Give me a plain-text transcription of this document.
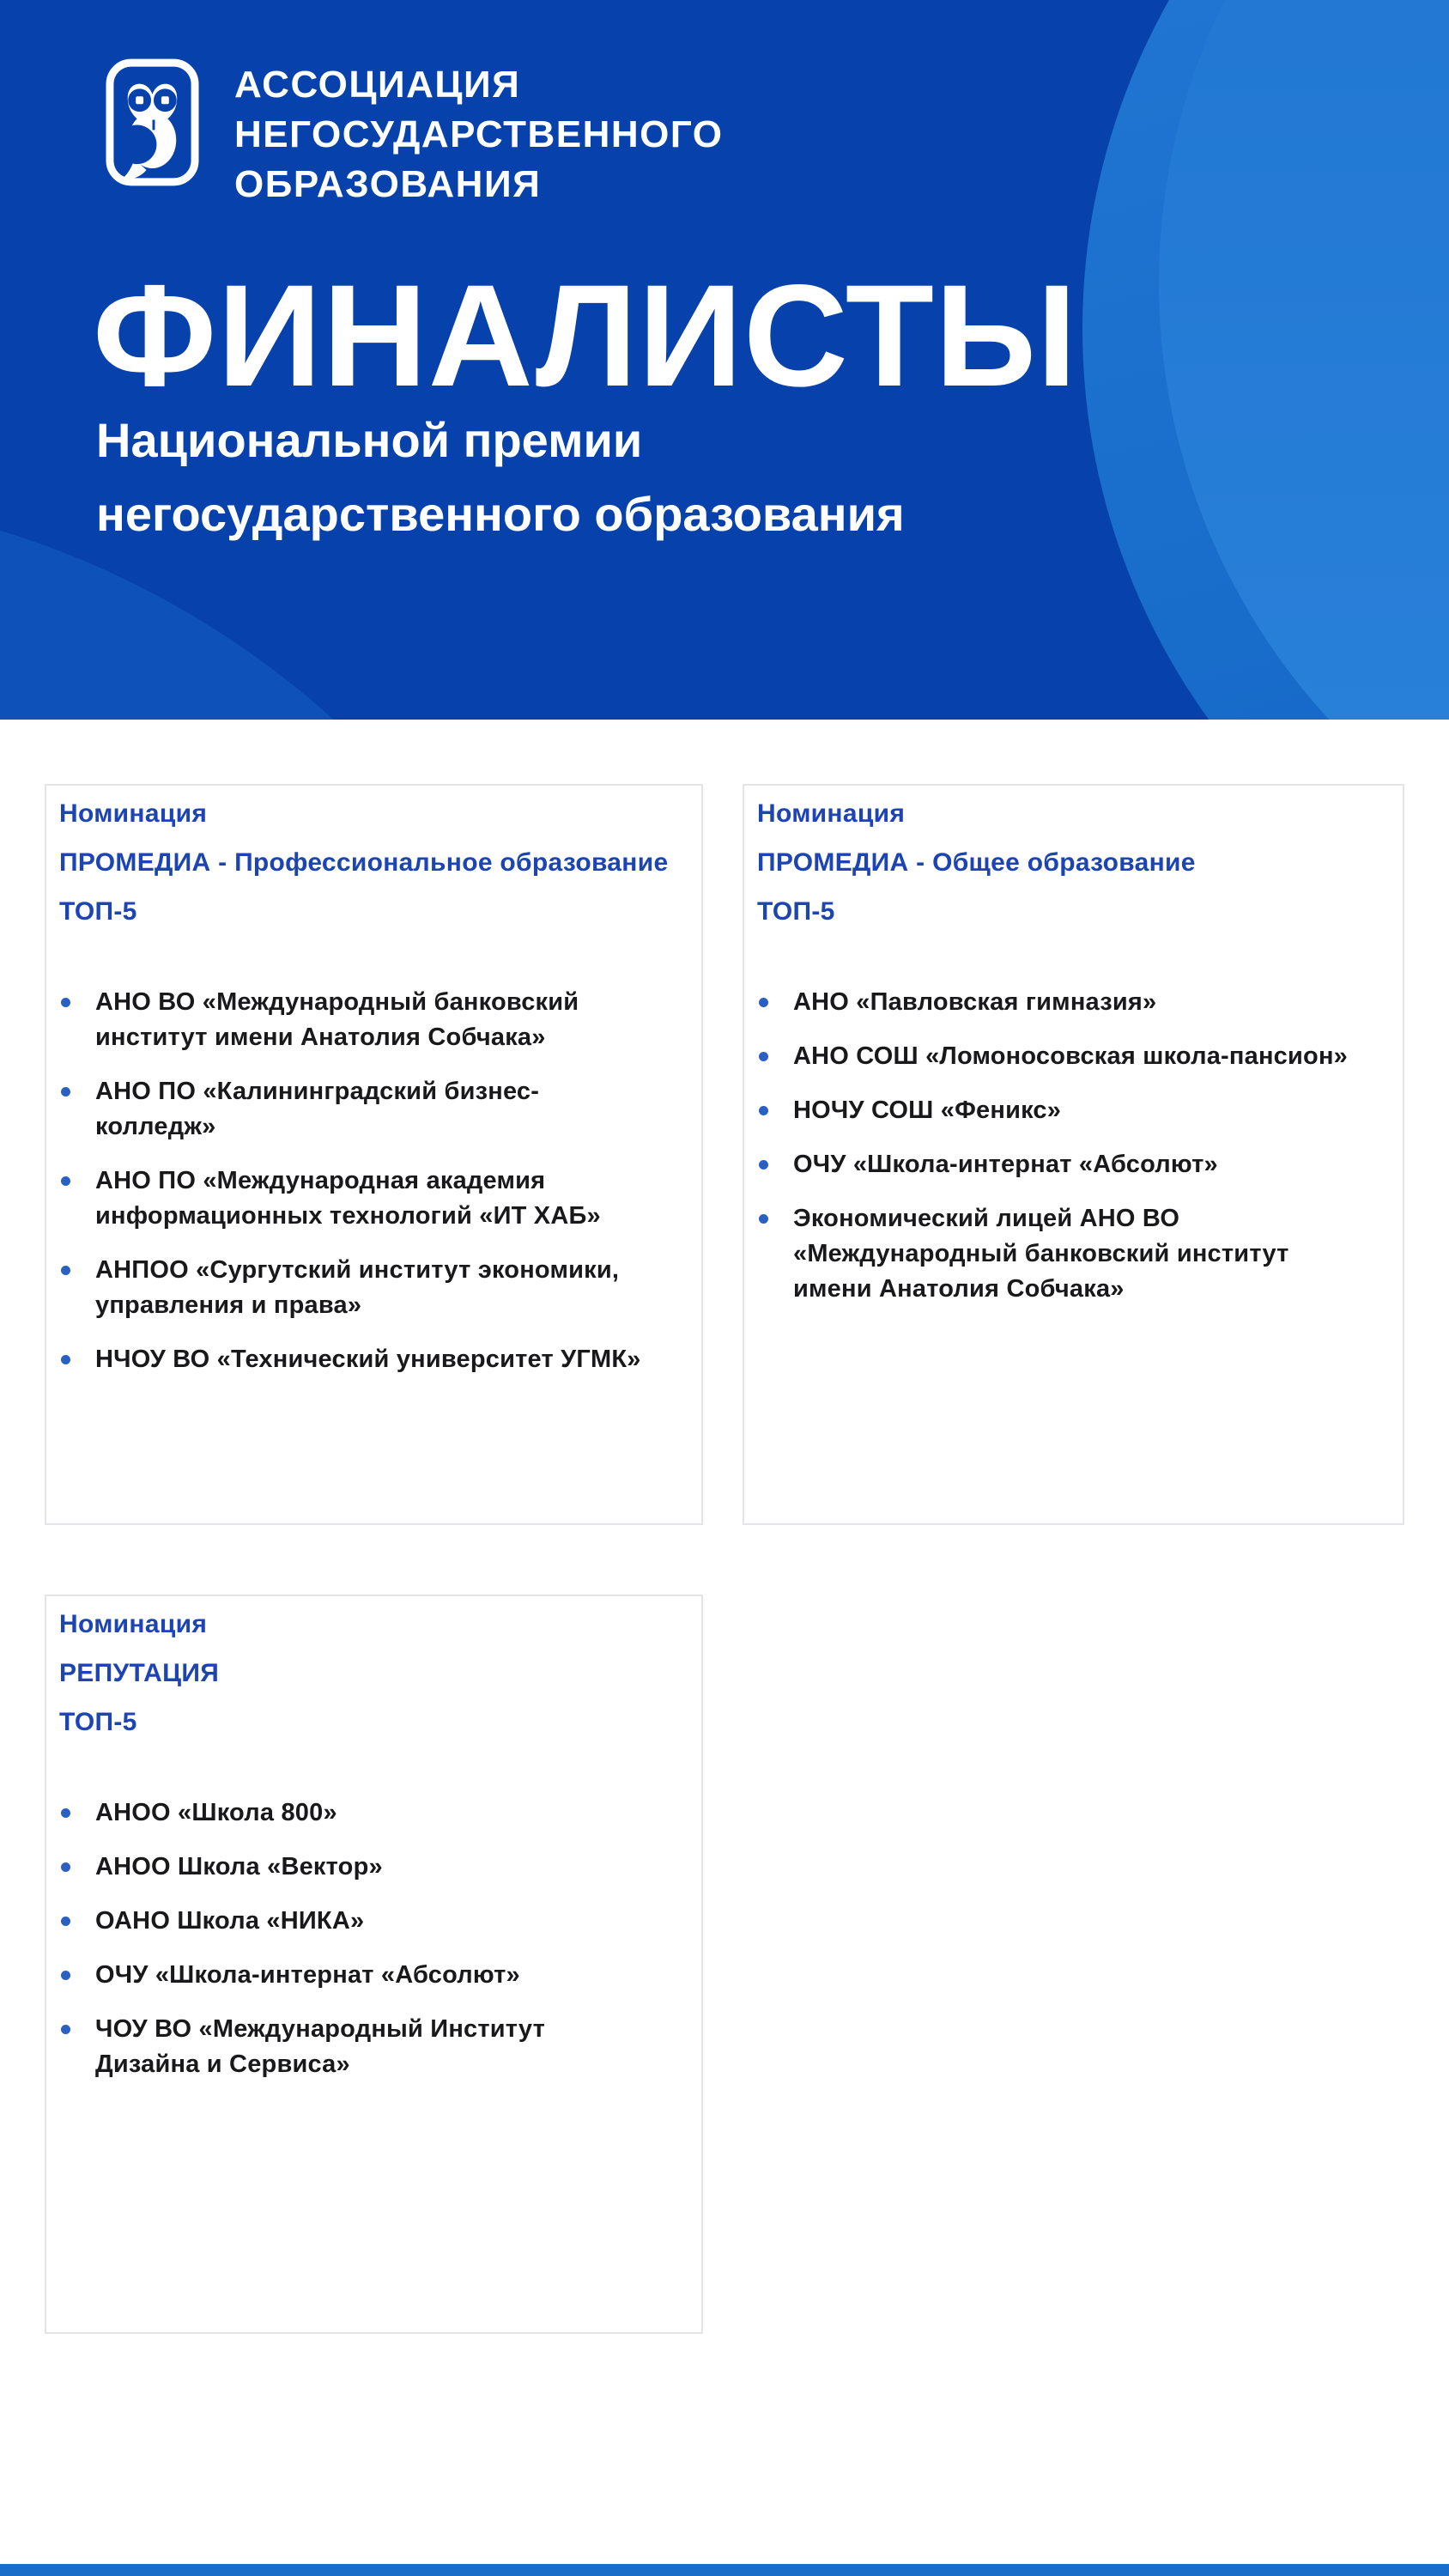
АССОЦИАЦИЯ
НЕГОСУДАРСТВЕННОГО
ОБРАЗОВАНИЯ
ФИНАЛИСТЫ
Национальной премии
негосударственного образования
Номинация
ПРОМЕДИА - Профессиональное образование
ТОП-5
АНО ВО «Международный банковский институт имени Анатолия Собчака»
АНО ПО «Калининградский бизнес-колледж»
АНО ПО «Международная академия информационных технологий «ИТ ХАБ»
АНПОО «Сургутский институт экономики, управления и права»
НЧОУ ВО «Технический университет УГМК»
Номинация
ПРОМЕДИА - Общее образование
ТОП-5
АНО «Павловская гимназия»
АНО СОШ «Ломоносовская школа-пансион»
НОЧУ СОШ «Феникс»
ОЧУ «Школа-интернат «Абсолют»
Экономический лицей АНО ВО «Международный банковский институт имени Анатолия Собчака»
Номинация
РЕПУТАЦИЯ
ТОП-5
АНОО «Школа 800»
АНОО Школа «Вектор»
ОАНО Школа «НИКА»
ОЧУ «Школа-интернат «Абсолют»
ЧОУ ВО «Международный Институт Дизайна и Сервиса»
